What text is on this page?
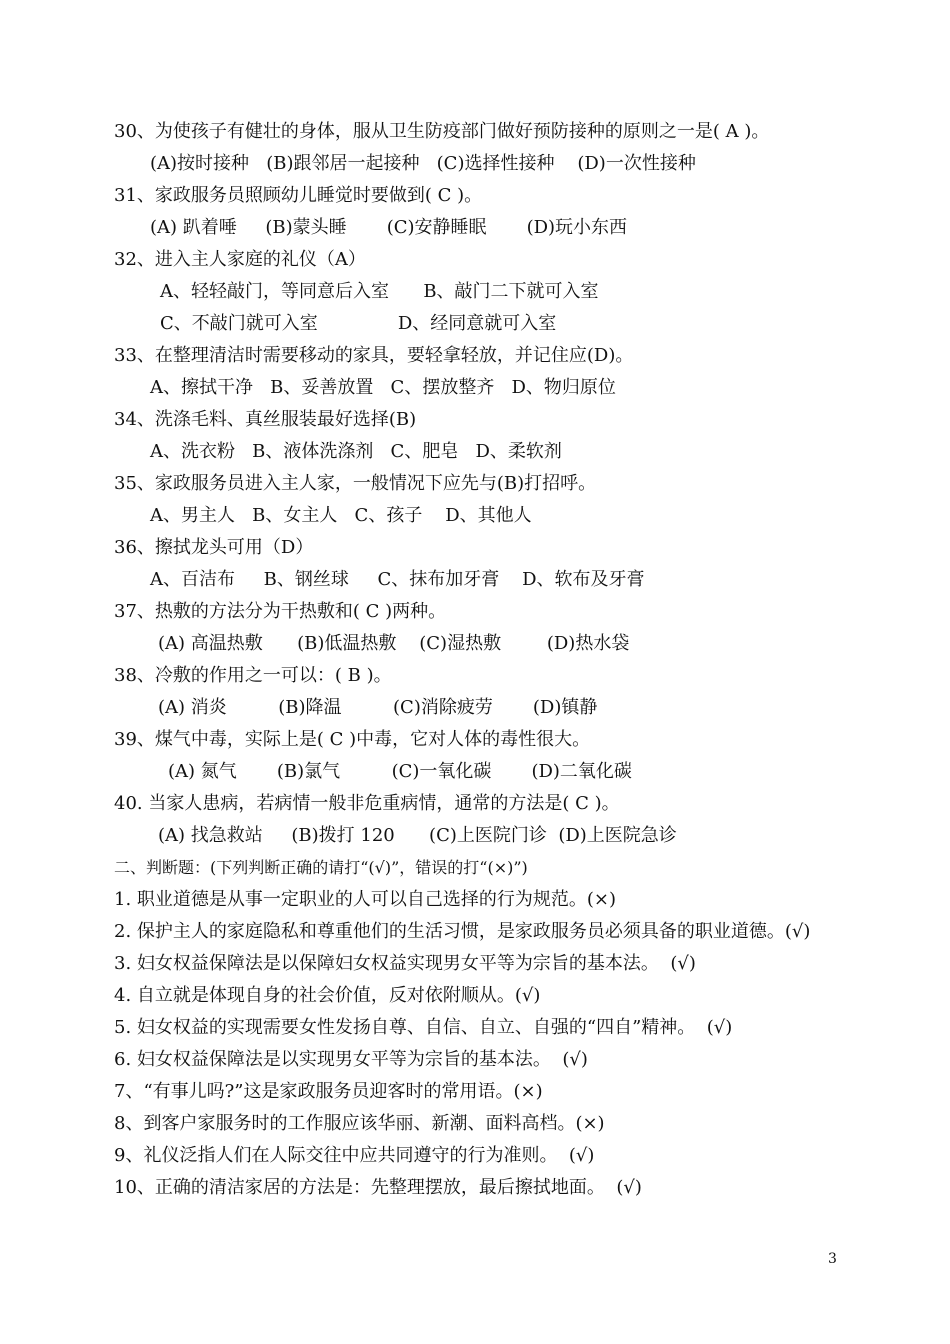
30、为使孩子有健壮的身体，服从卫生防疫部门做好预防接种的原则之一是( A )。
(A)按时接种   (B)跟邻居一起接种   (C)选择性接种    (D)一次性接种
31、家政服务员照顾幼儿睡觉时要做到( C )。
(A) 趴着唾     (B)蒙头睡       (C)安静睡眠       (D)玩小东西
32、进入主人家庭的礼仪（A）
A、轻轻敲门，等同意后入室      B、敲门二下就可入室
C、不敲门就可入室              D、经同意就可入室
33、在整理清洁时需要移动的家具，要轻拿轻放，并记住应(D)。
A、擦拭干净   B、妥善放置   C、摆放整齐   D、物归原位
34、洗涤毛料、真丝服装最好选择(B)
A、洗衣粉   B、液体洗涤剂   C、肥皂   D、柔软剂
35、家政服务员进入主人家，一般情况下应先与(B)打招呼。
A、男主人   B、女主人   C、孩子    D、其他人
36、擦拭龙头可用（D）
A、百洁布     B、钢丝球     C、抹布加牙膏    D、软布及牙膏
37、热敷的方法分为干热敷和( C )两种。
(A) 高温热敷      (B)低温热敷    (C)湿热敷        (D)热水袋
38、冷敷的作用之一可以：( B )。
(A) 消炎         (B)降温         (C)消除疲劳       (D)镇静
39、煤气中毒，实际上是( C )中毒，它对人体的毒性很大。
(A) 氮气       (B)氯气         (C)一氧化碳       (D)二氧化碳
40. 当家人患病，若病情一般非危重病情，通常的方法是( C )。
(A) 找急救站     (B)拨打 120      (C)上医院门诊  (D)上医院急诊
二、判断题：(下列判断正确的请打“(√)”，错误的打“(×)”)
1. 职业道德是从事一定职业的人可以自己选择的行为规范。(×)
2. 保护主人的家庭隐私和尊重他们的生活习惯，是家政服务员必须具备的职业道德。(√)
3. 妇女权益保障法是以保障妇女权益实现男女平等为宗旨的基本法。  (√)
4. 自立就是体现自身的社会价值，反对依附顺从。(√)
5. 妇女权益的实现需要女性发扬自尊、自信、自立、自强的“四自”精神。  (√)
6. 妇女权益保障法是以实现男女平等为宗旨的基本法。  (√)
7、“有事儿吗?”这是家政服务员迎客时的常用语。(×)
8、到客户家服务时的工作服应该华丽、新潮、面料高档。(×)
9、礼仪泛指人们在人际交往中应共同遵守的行为准则。  (√)
10、正确的清洁家居的方法是：先整理摆放，最后擦拭地面。  (√)
3
